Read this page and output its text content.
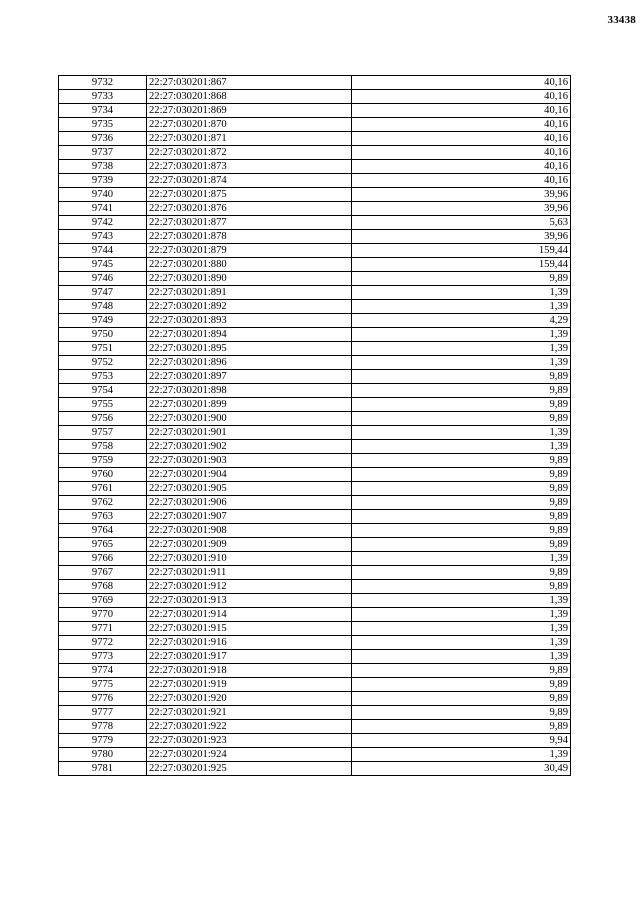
33438
9732	22:27:030201:867	40,16
9733	22:27:030201:868	40,16
9734	22:27:030201:869	40,16
9735	22:27:030201:870	40,16
9736	22:27:030201:871	40,16
9737	22:27:030201:872	40,16
9738	22:27:030201:873	40,16
9739	22:27:030201:874	40,16
9740	22:27:030201:875	39,96
9741	22:27:030201:876	39,96
9742	22:27:030201:877	5,63
9743	22:27:030201:878	39,96
9744	22:27:030201:879	159,44
9745	22:27:030201:880	159,44
9746	22:27:030201:890	9,89
9747	22:27:030201:891	1,39
9748	22:27:030201:892	1,39
9749	22:27:030201:893	4,29
9750	22:27:030201:894	1,39
9751	22:27:030201:895	1,39
9752	22:27:030201:896	1,39
9753	22:27:030201:897	9,89
9754	22:27:030201:898	9,89
9755	22:27:030201:899	9,89
9756	22:27:030201:900	9,89
9757	22:27:030201:901	1,39
9758	22:27:030201:902	1,39
9759	22:27:030201:903	9,89
9760	22:27:030201:904	9,89
9761	22:27:030201:905	9,89
9762	22:27:030201:906	9,89
9763	22:27:030201:907	9,89
9764	22:27:030201:908	9,89
9765	22:27:030201:909	9,89
9766	22:27:030201:910	1,39
9767	22:27:030201:911	9,89
9768	22:27:030201:912	9,89
9769	22:27:030201:913	1,39
9770	22:27:030201:914	1,39
9771	22:27:030201:915	1,39
9772	22:27:030201:916	1,39
9773	22:27:030201:917	1,39
9774	22:27:030201:918	9,89
9775	22:27:030201:919	9,89
9776	22:27:030201:920	9,89
9777	22:27:030201:921	9,89
9778	22:27:030201:922	9,89
9779	22:27:030201:923	9,94
9780	22:27:030201:924	1,39
9781	22:27:030201:925	30,49
